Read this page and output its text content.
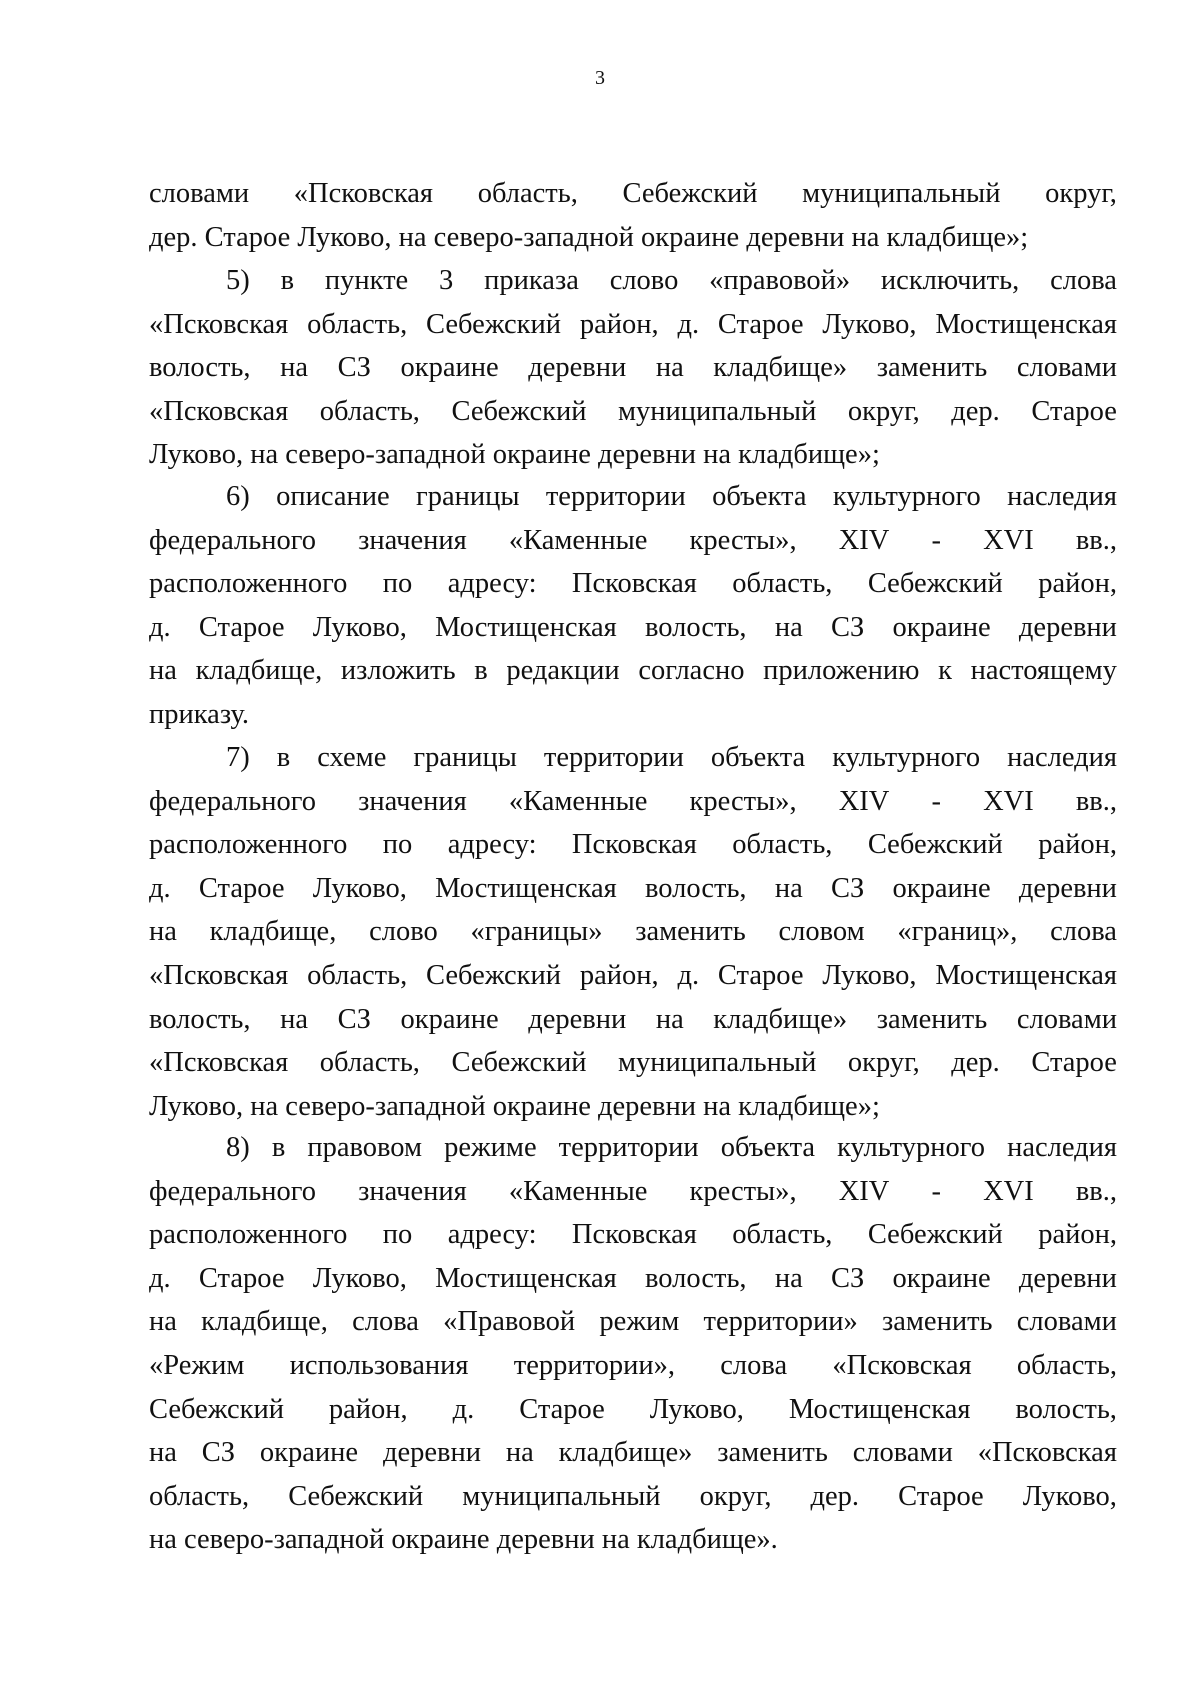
3
словами «Псковская область, Себежский муниципальный округ,
дер. Старое Луково, на северо-западной окраине деревни на кладбище»;
5) в пункте 3 приказа слово «правовой» исключить, слова
«Псковская область, Себежский район, д. Старое Луково, Мостищенская
волость, на СЗ окраине деревни на кладбище» заменить словами
«Псковская область, Себежский муниципальный округ, дер. Старое
Луково, на северо-западной окраине деревни на кладбище»;
6) описание границы территории объекта культурного наследия
федерального значения «Каменные кресты», XIV - XVI вв.,
расположенного по адресу: Псковская область, Себежский район,
д. Старое Луково, Мостищенская волость, на СЗ окраине деревни
на кладбище, изложить в редакции согласно приложению к настоящему
приказу.
7) в схеме границы территории объекта культурного наследия
федерального значения «Каменные кресты», XIV - XVI вв.,
расположенного по адресу: Псковская область, Себежский район,
д. Старое Луково, Мостищенская волость, на СЗ окраине деревни
на кладбище, слово «границы» заменить словом «границ», слова
«Псковская область, Себежский район, д. Старое Луково, Мостищенская
волость, на СЗ окраине деревни на кладбище» заменить словами
«Псковская область, Себежский муниципальный округ, дер. Старое
Луково, на северо-западной окраине деревни на кладбище»;
8) в правовом режиме территории объекта культурного наследия
федерального значения «Каменные кресты», XIV - XVI вв.,
расположенного по адресу: Псковская область, Себежский район,
д. Старое Луково, Мостищенская волость, на СЗ окраине деревни
на кладбище, слова «Правовой режим территории» заменить словами
«Режим использования территории», слова «Псковская область,
Себежский район, д. Старое Луково, Мостищенская волость,
на СЗ окраине деревни на кладбище» заменить словами «Псковская
область, Себежский муниципальный округ, дер. Старое Луково,
на северо-западной окраине деревни на кладбище».
